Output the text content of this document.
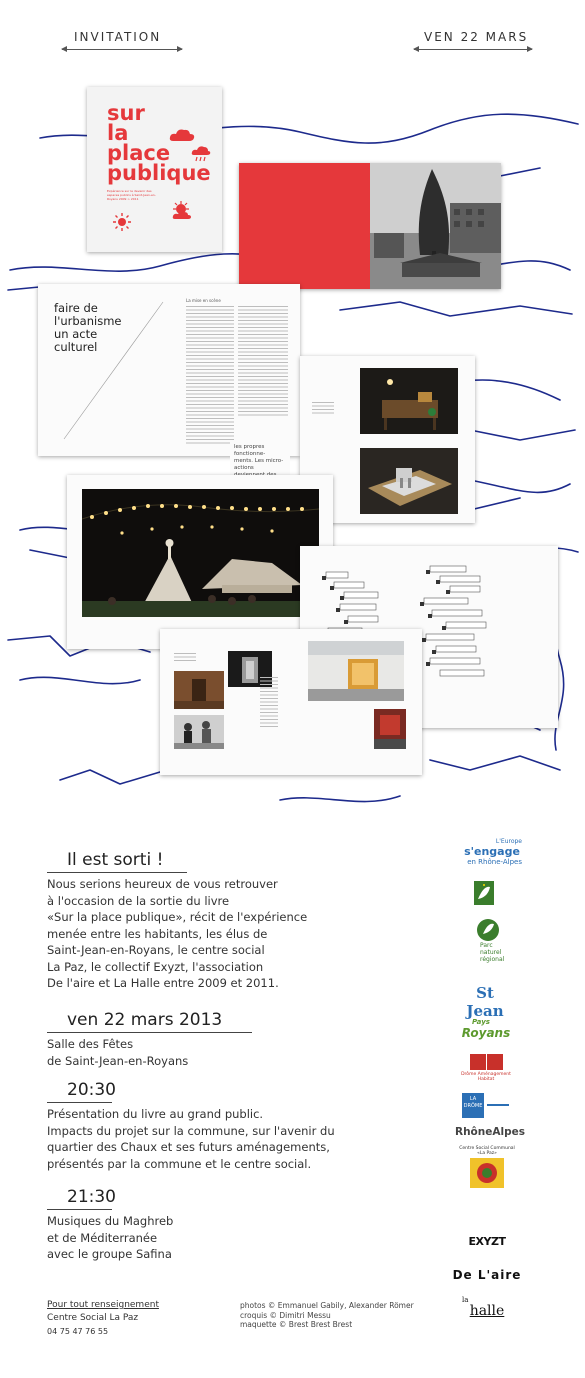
INVITATION	VEN 22 MARS
sur
la
place
publique
Expérience sur le devenir des espaces publics à Saint-Jean-en-Royans 2009 > 2011
faire de
l'urbanisme
un acte
culturel
La mise en scène
les propres fonctionne-
ments. Les micro-actions
Il est sorti !
Nous serions heureux de vous retrouver
à l'occasion de la sortie du livre
«Sur la place publique», récit de l'expérience
menée entre les habitants, les élus de
Saint-Jean-en-Royans, le centre social
La Paz, le collectif Exyzt, l'association
De l'aire et La Halle entre 2009 et 2011.
ven 22 mars 2013
Salle des Fêtes
de Saint-Jean-en-Royans
20:30
Présentation du livre au grand public.
Impacts du projet sur la commune, sur l'avenir du
quartier des Chaux et ses futurs aménagements,
présentés par la commune et le centre social.
21:30
Musiques du Maghreb
et de Méditerranée
avec le groupe Safina
Pour tout renseignement
Centre Social La Paz
04 75 47 76 55
photos © Emmanuel Gabily, Alexander Römer
croquis © Dimitri Messu
maquette © Brest Brest Brest
L'Europe
s'engage
en Rhône-Alpes
Parc
naturel
régional
St Jean
Pays
Royans
Drôme Aménagement Habitat
LA
DRÔME
RhôneAlpes
Centre Social Communal
«La Paz»
EXYZT
De L'aire
la
halle
